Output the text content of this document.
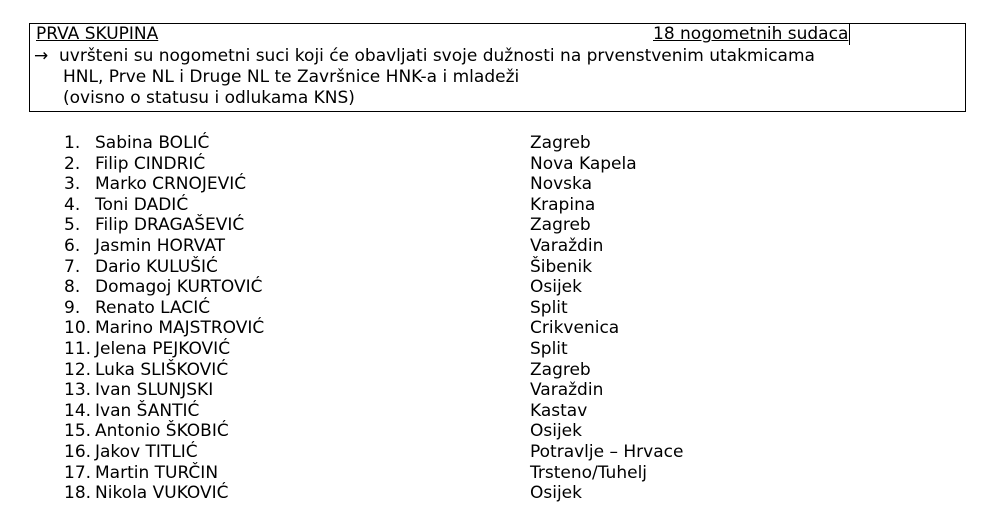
PRVA SKUPINA	18 nogometnih sudaca
→ uvršteni su nogometni suci koji će obavljati svoje dužnosti na prvenstvenim utakmicama
HNL, Prve NL i Druge NL te Završnice HNK-a i mladeži
(ovisno o statusu i odlukama KNS)
1. Sabina BOLIĆ	Zagreb
2. Filip CINDRIĆ	Nova Kapela
3. Marko CRNOJEVIĆ	Novska
4. Toni DADIĆ	Krapina
5. Filip DRAGAŠEVIĆ	Zagreb
6. Jasmin HORVAT	Varaždin
7. Dario KULUŠIĆ	Šibenik
8. Domagoj KURTOVIĆ	Osijek
9. Renato LACIĆ	Split
10. Marino MAJSTROVIĆ	Crikvenica
11. Jelena PEJKOVIĆ	Split
12. Luka SLIŠKOVIĆ	Zagreb
13. Ivan SLUNJSKI	Varaždin
14. Ivan ŠANTIĆ	Kastav
15. Antonio ŠKOBIĆ	Osijek
16. Jakov TITLIĆ	Potravlje – Hrvace
17. Martin TURČIN	Trsteno/Tuhelj
18. Nikola VUKOVIĆ	Osijek
